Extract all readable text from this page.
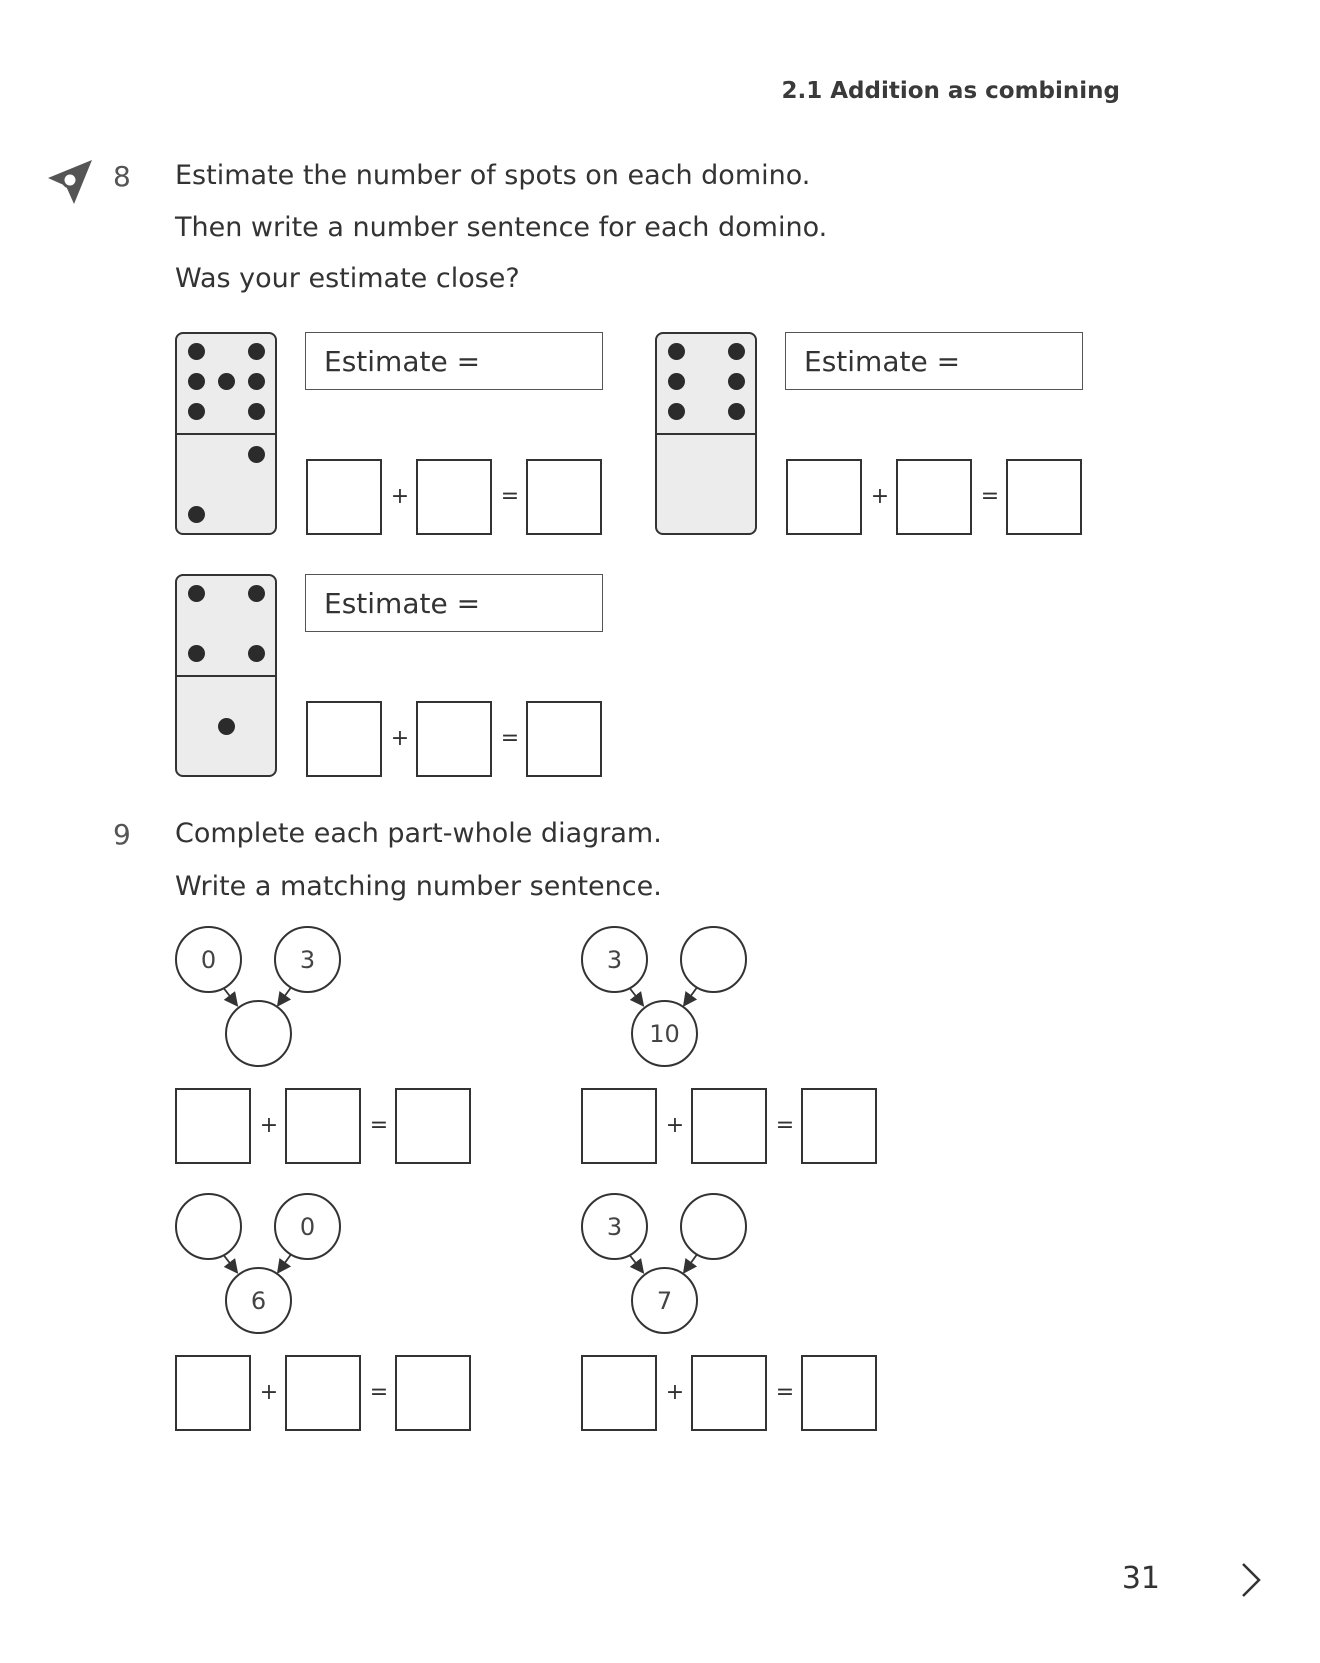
2.1 Addition as combining
8 Estimate the number of spots on each domino.
Then write a number sentence for each domino.
Was your estimate close?
Estimate =
+	=
Estimate =
+	=
Estimate =
+	=
9 Complete each part-whole diagram.
Write a matching number sentence.
0	3
+	=
3
10
+	=
0
6
+	=
3
7
+	=
31
